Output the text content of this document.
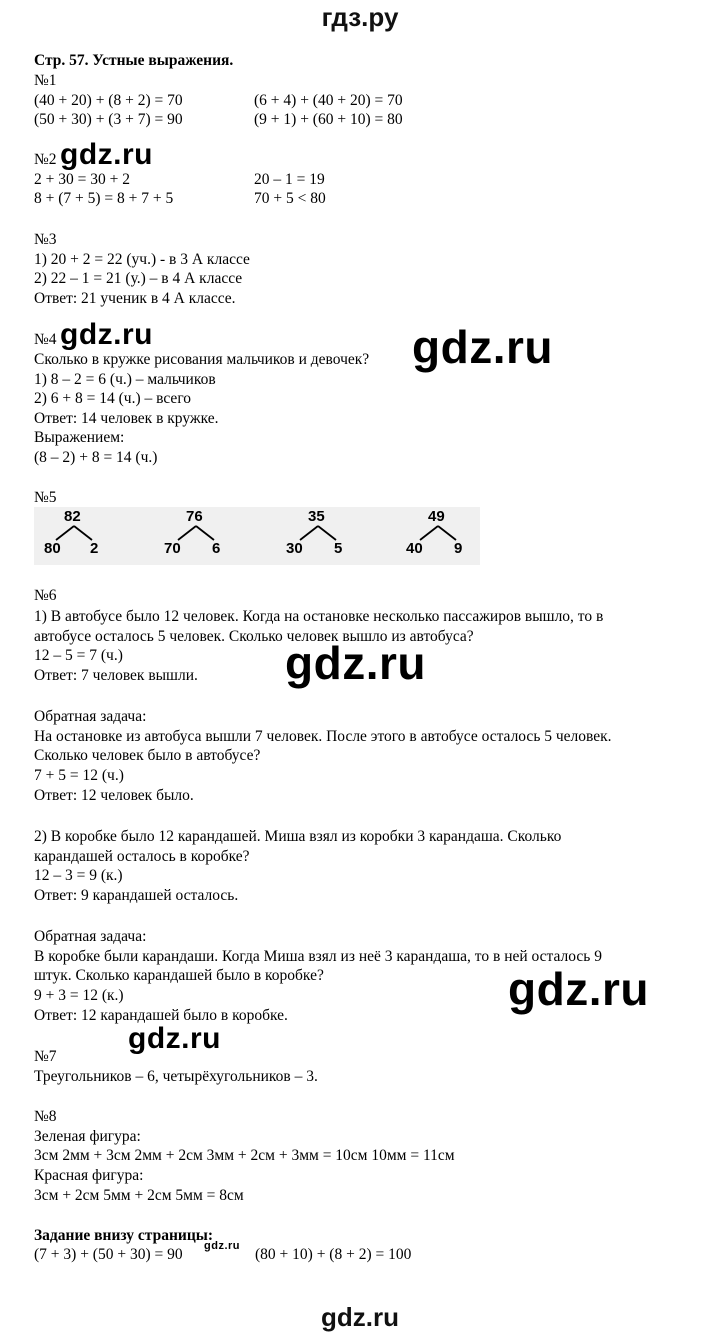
гдз.ру
Стр. 57. Устные выражения.
№1
(40 + 20) + (8 + 2) = 70
(50 + 30) + (3 + 7) = 90
(6 + 4) + (40 + 20) = 70
(9 + 1) + (60 + 10) = 80
№2 gdz.ru
2 + 30 = 30 + 2
8 + (7 + 5) = 8 + 7 + 5
20 – 1 = 19
70 + 5 < 80
№3
1) 20 + 2 = 22 (уч.) - в 3 А классе
2) 22 – 1 = 21 (у.) – в 4 А классе
Ответ: 21 ученик в 4 А классе.
№4 gdz.ru	gdz.ru
Сколько в кружке рисования мальчиков и девочек?
1) 8 – 2 = 6 (ч.) – мальчиков
2) 6 + 8 = 14 (ч.) – всего
Ответ: 14 человек в кружке.
Выражением:
(8 – 2) + 8 = 14 (ч.)
№5
82
80 2
76
70 6
35
30 5
49
40 9
№6
1) В автобусе было 12 человек. Когда на остановке несколько пассажиров вышло, то в
автобусе осталось 5 человек. Сколько человек вышло из автобуса?
12 – 5 = 7 (ч.)
Ответ: 7 человек вышли. gdz.ru
Обратная задача:
На остановке из автобуса вышли 7 человек. После этого в автобусе осталось 5 человек.
Сколько человек было в автобусе?
7 + 5 = 12 (ч.)
Ответ: 12 человек было.
2) В коробке было 12 карандашей. Миша взял из коробки 3 карандаша. Сколько
карандашей осталось в коробке?
12 – 3 = 9 (к.)
Ответ: 9 карандашей осталось.
Обратная задача:
В коробке были карандаши. Когда Миша взял из неё 3 карандаша, то в ней осталось 9
штук. Сколько карандашей было в коробке?
9 + 3 = 12 (к.)
Ответ: 12 карандашей было в коробке.
gdz.ru
№7
gdz.ru
Треугольников – 6, четырёхугольников – 3.
№8
Зеленая фигура:
3см 2мм + 3см 2мм + 2см 3мм + 2см + 3мм = 10см 10мм = 11см
Красная фигура:
3см + 2см 5мм + 2см 5мм = 8см
Задание внизу страницы:
(7 + 3) + (50 + 30) = 90 gdz.ru (80 + 10) + (8 + 2) = 100
gdz.ru
